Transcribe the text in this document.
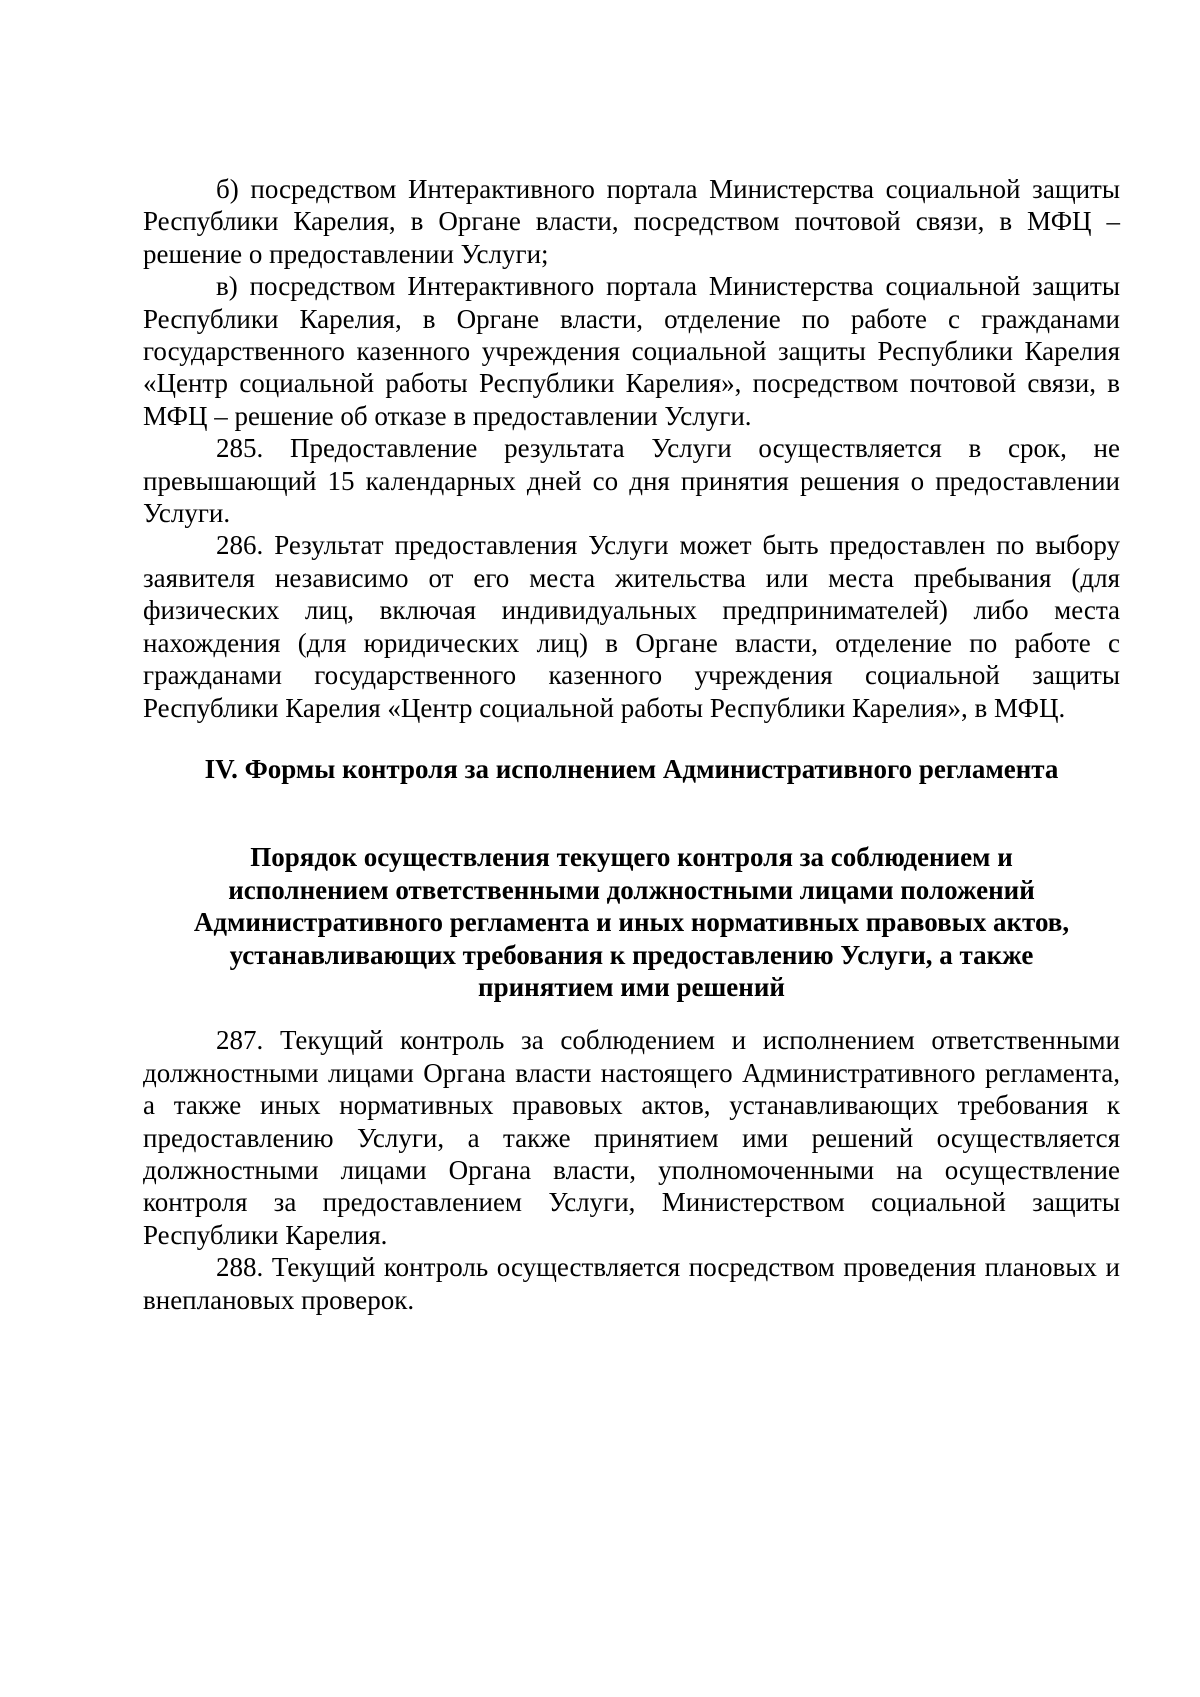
б) посредством Интерактивного портала Министерства социальной защиты Республики Карелия, в Органе власти, посредством почтовой связи, в МФЦ – решение о предоставлении Услуги;

в) посредством Интерактивного портала Министерства социальной защиты Республики Карелия, в Органе власти, отделение по работе с гражданами государственного казенного учреждения социальной защиты Республики Карелия «Центр социальной работы Республики Карелия», посредством почтовой связи, в МФЦ – решение об отказе в предоставлении Услуги.

285. Предоставление результата Услуги осуществляется в срок, не превышающий 15 календарных дней со дня принятия решения о предоставлении Услуги.

286. Результат предоставления Услуги может быть предоставлен по выбору заявителя независимо от его места жительства или места пребывания (для физических лиц, включая индивидуальных предпринимателей) либо места нахождения (для юридических лиц) в Органе власти, отделение по работе с гражданами государственного казенного учреждения социальной защиты Республики Карелия «Центр социальной работы Республики Карелия», в МФЦ.

IV. Формы контроля за исполнением Административного регламента

Порядок осуществления текущего контроля за соблюдением и
исполнением ответственными должностными лицами положений
Административного регламента и иных нормативных правовых актов,
устанавливающих требования к предоставлению Услуги, а также
принятием ими решений

287. Текущий контроль за соблюдением и исполнением ответственными должностными лицами Органа власти настоящего Административного регламента, а также иных нормативных правовых актов, устанавливающих требования к предоставлению Услуги, а также принятием ими решений осуществляется должностными лицами Органа власти, уполномоченными на осуществление контроля за предоставлением Услуги, Министерством социальной защиты Республики Карелия.

288. Текущий контроль осуществляется посредством проведения плановых и внеплановых проверок.
